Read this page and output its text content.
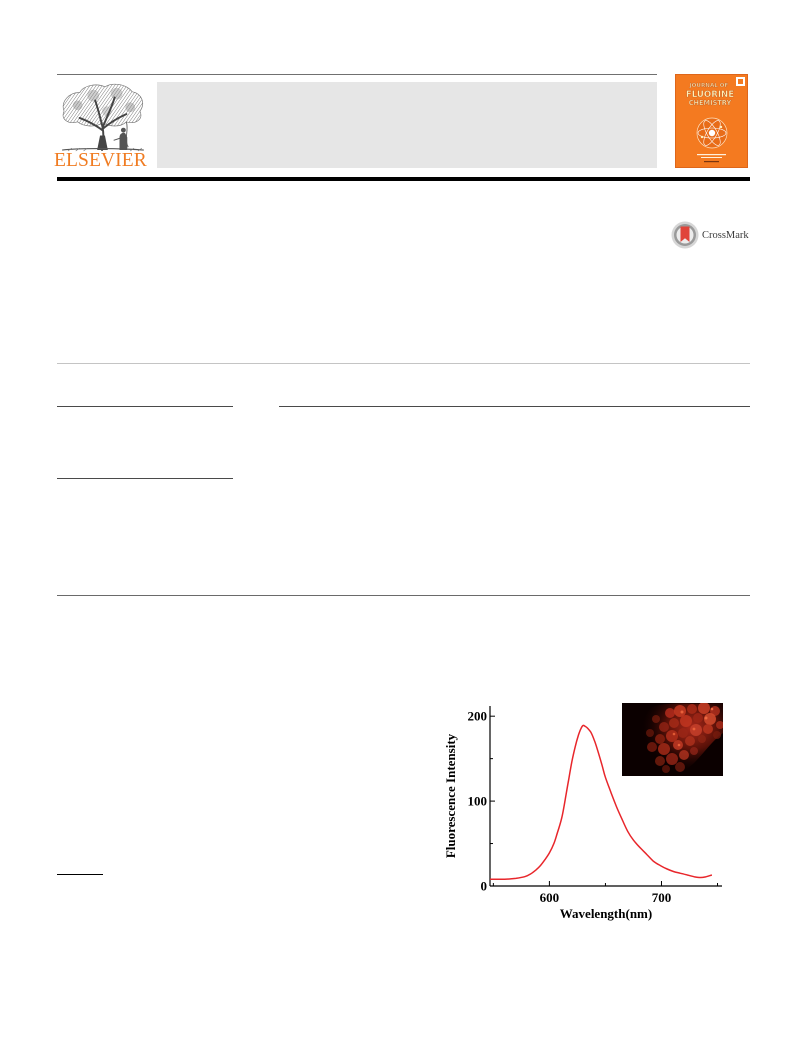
ELSEVIER
JOURNAL OF
FLUORINE
CHEMISTRY
CrossMark
Wavelength(nm)
Fluorescence Intensity
0
100
200
600	700
